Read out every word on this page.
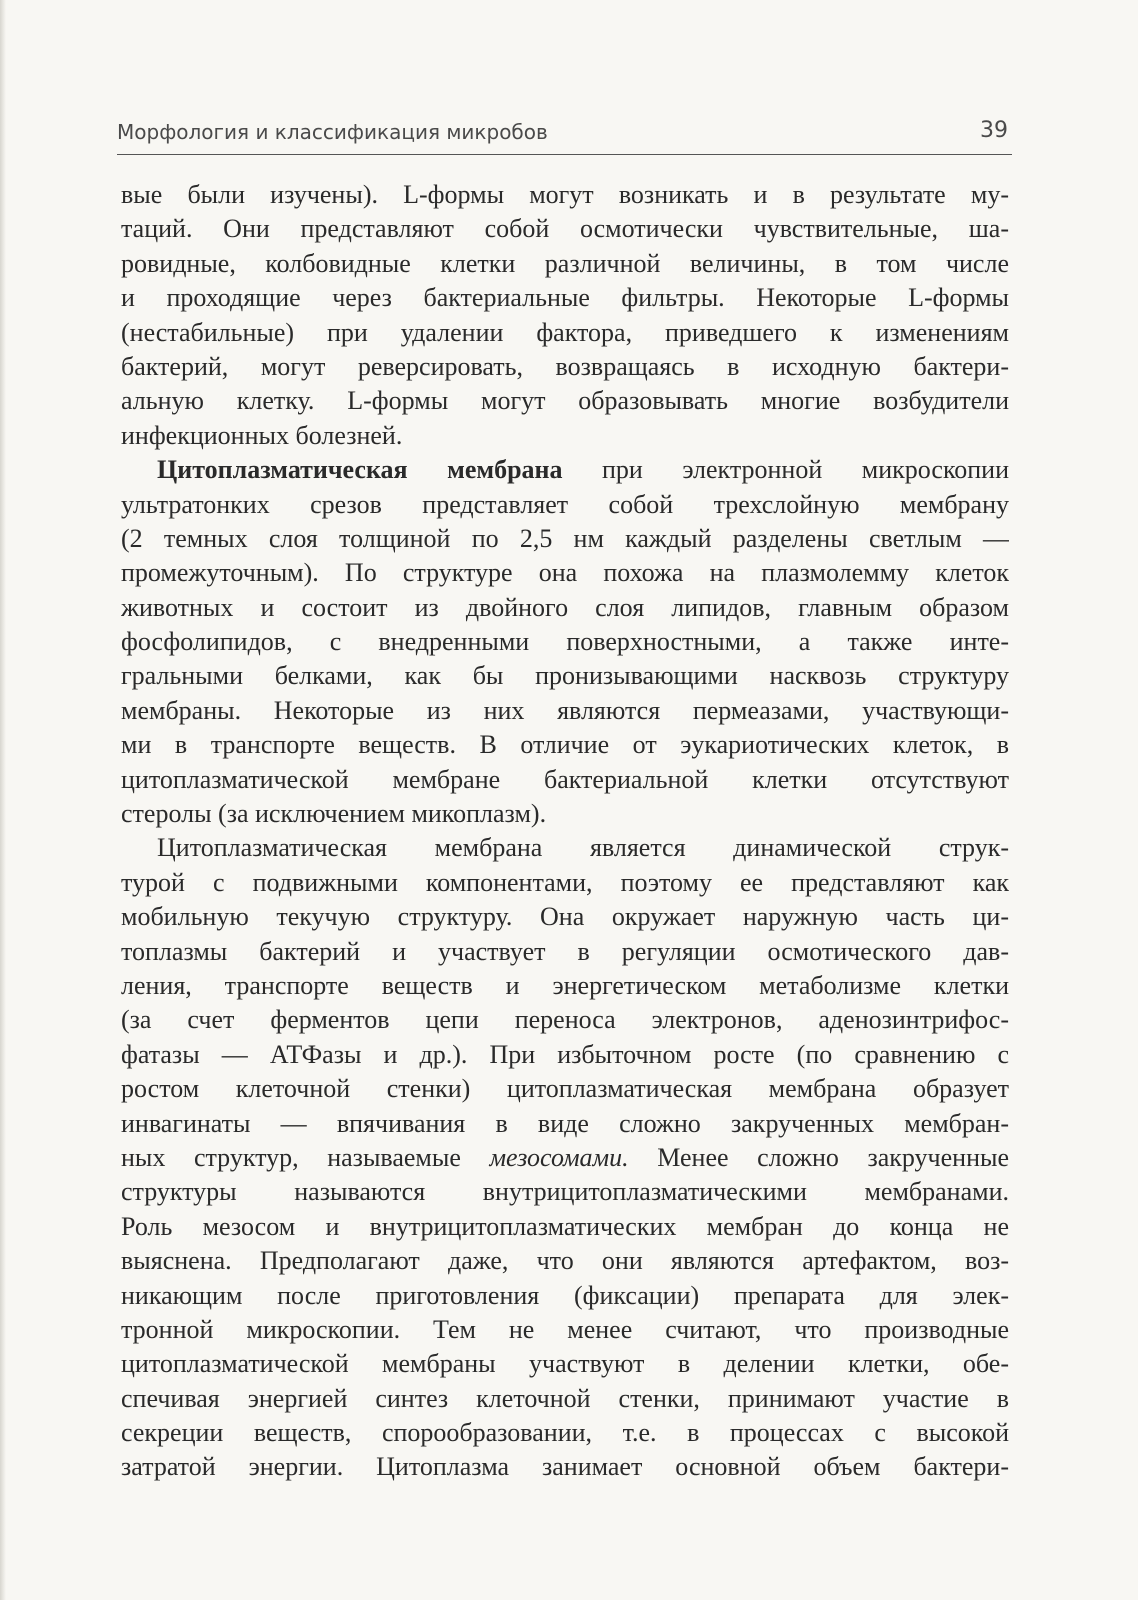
Морфология и классификация микробов	39
вые были изучены). L-формы могут возникать и в результате му-
таций. Они представляют собой осмотически чувствительные, ша-
ровидные, колбовидные клетки различной величины, в том числе
и проходящие через бактериальные фильтры. Некоторые L-формы
(нестабильные) при удалении фактора, приведшего к изменениям
бактерий, могут реверсировать, возвращаясь в исходную бактери-
альную клетку. L-формы могут образовывать многие возбудители
инфекционных болезней.
Цитоплазматическая мембрана при электронной микроскопии
ультратонких срезов представляет собой трехслойную мембрану
(2 темных слоя толщиной по 2,5 нм каждый разделены светлым —
промежуточным). По структуре она похожа на плазмолемму клеток
животных и состоит из двойного слоя липидов, главным образом
фосфолипидов, с внедренными поверхностными, а также инте-
гральными белками, как бы пронизывающими насквозь структуру
мембраны. Некоторые из них являются пермеазами, участвующи-
ми в транспорте веществ. В отличие от эукариотических клеток, в
цитоплазматической мембране бактериальной клетки отсутствуют
стеролы (за исключением микоплазм).
Цитоплазматическая мембрана является динамической струк-
турой с подвижными компонентами, поэтому ее представляют как
мобильную текучую структуру. Она окружает наружную часть ци-
топлазмы бактерий и участвует в регуляции осмотического дав-
ления, транспорте веществ и энергетическом метаболизме клетки
(за счет ферментов цепи переноса электронов, аденозинтрифос-
фатазы — АТФазы и др.). При избыточном росте (по сравнению с
ростом клеточной стенки) цитоплазматическая мембрана образует
инвагинаты — впячивания в виде сложно закрученных мембран-
ных структур, называемые мезосомами. Менее сложно закрученные
структуры называются внутрицитоплазматическими мембранами.
Роль мезосом и внутрицитоплазматических мембран до конца не
выяснена. Предполагают даже, что они являются артефактом, воз-
никающим после приготовления (фиксации) препарата для элек-
тронной микроскопии. Тем не менее считают, что производные
цитоплазматической мембраны участвуют в делении клетки, обе-
спечивая энергией синтез клеточной стенки, принимают участие в
секреции веществ, спорообразовании, т.е. в процессах с высокой
затратой энергии. Цитоплазма занимает основной объем бактери-
